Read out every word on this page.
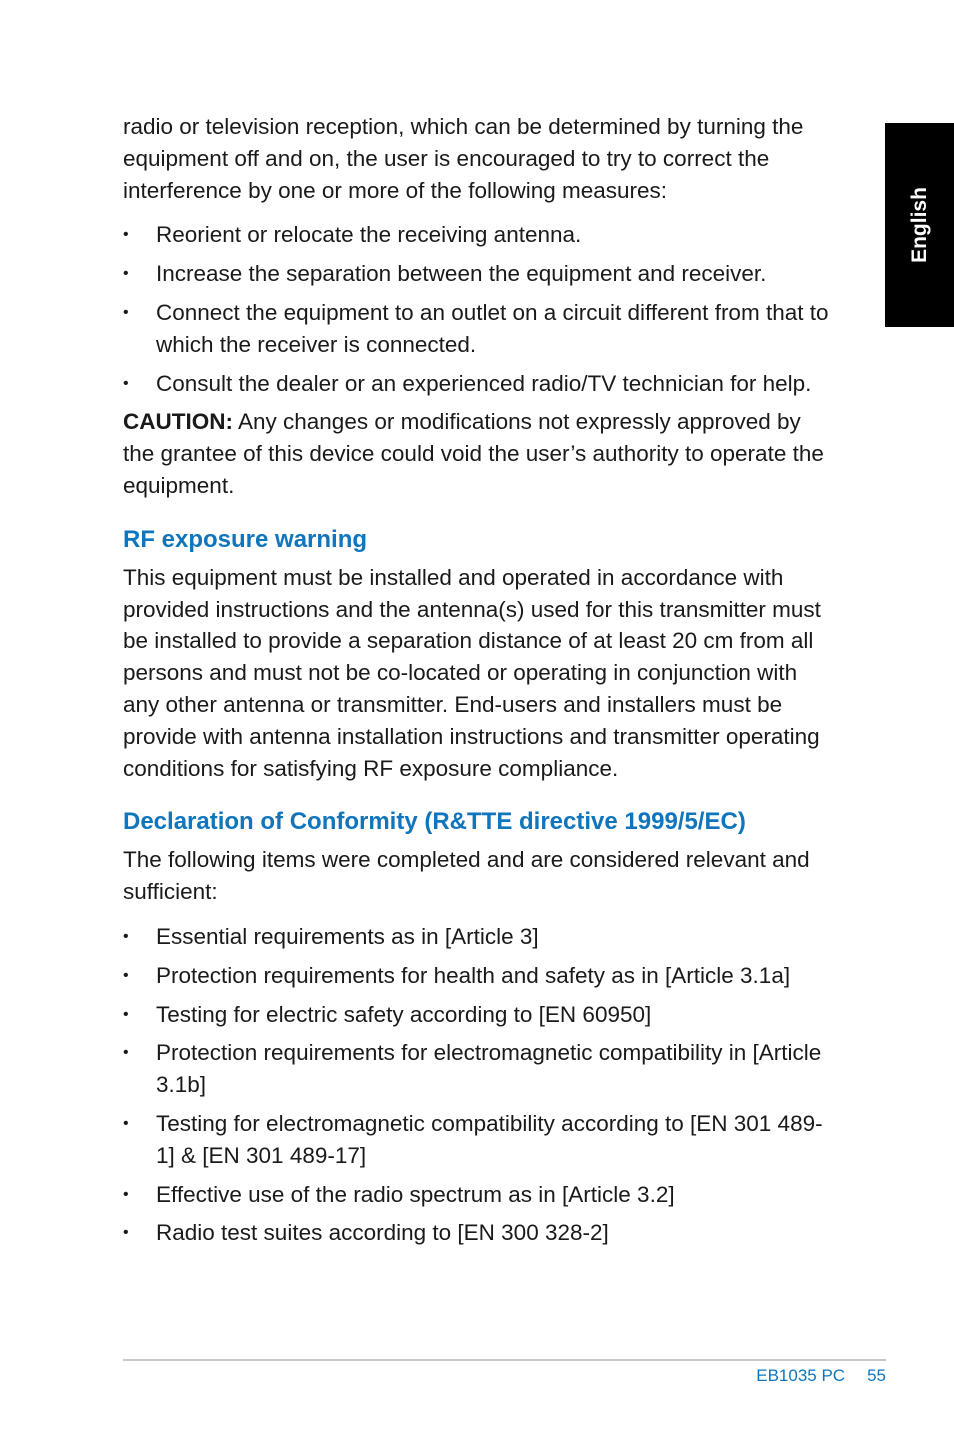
English

radio or television reception, which can be determined by turning the equipment off and on, the user is encouraged to try to correct the interference by one or more of the following measures:

• Reorient or relocate the receiving antenna.
• Increase the separation between the equipment and receiver.
• Connect the equipment to an outlet on a circuit different from that to which the receiver is connected.
• Consult the dealer or an experienced radio/TV technician for help.

CAUTION: Any changes or modifications not expressly approved by the grantee of this device could void the user’s authority to operate the equipment.

RF exposure warning

This equipment must be installed and operated in accordance with provided instructions and the antenna(s) used for this transmitter must be installed to provide a separation distance of at least 20 cm from all persons and must not be co-located or operating in conjunction with any other antenna or transmitter. End-users and installers must be provide with antenna installation instructions and transmitter operating conditions for satisfying RF exposure compliance.

Declaration of Conformity (R&TTE directive 1999/5/EC)

The following items were completed and are considered relevant and sufficient:

• Essential requirements as in [Article 3]
• Protection requirements for health and safety as in [Article 3.1a]
• Testing for electric safety according to [EN 60950]
• Protection requirements for electromagnetic compatibility in [Article 3.1b]
• Testing for electromagnetic compatibility according to [EN 301 489-1] & [EN 301 489-17]
• Effective use of the radio spectrum as in [Article 3.2]
• Radio test suites according to [EN 300 328-2]
EB1035 PC 55
